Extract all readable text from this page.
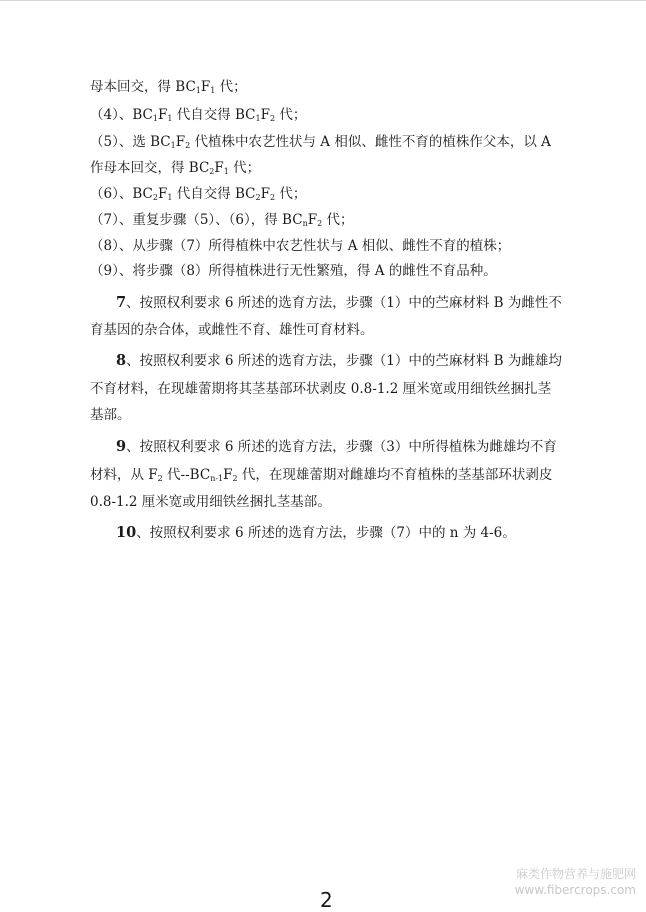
母本回交，得 $BC_1F_1$ 代；
（4）、$BC_1F_1$ 代自交得 $BC_1F_2$ 代；
（5）、选 $BC_1F_2$ 代植株中农艺性状与 A 相似、雌性不育的植株作父本，以 A
作母本回交，得 $BC_2F_1$ 代；
（6）、$BC_2F_1$ 代自交得 $BC_2F_2$ 代；
（7）、重复步骤（5）、（6），得 $BC_nF_2$ 代；
（8）、从步骤（7）所得植株中农艺性状与 A 相似、雌性不育的植株；
（9）、将步骤（8）所得植株进行无性繁殖，得 A 的雌性不育品种。
7、按照权利要求 6 所述的选育方法，步骤（1）中的苎麻材料 B 为雌性不
育基因的杂合体，或雌性不育、雄性可育材料。
8、按照权利要求 6 所述的选育方法，步骤（1）中的苎麻材料 B 为雌雄均
不育材料，在现雄蕾期将其茎基部环状剥皮 0.8-1.2 厘米宽或用细铁丝捆扎茎
基部。
9、按照权利要求 6 所述的选育方法，步骤（3）中所得植株为雌雄均不育
材料，从 $F_2$ 代$--BC_{n-1}F_2$ 代，在现雄蕾期对雌雄均不育植株的茎基部环状剥皮
0.8-1.2 厘米宽或用细铁丝捆扎茎基部。
10、按照权利要求 6 所述的选育方法，步骤（7）中的 n 为 4-6。
2
麻类作物营养与施肥网
www.fibercrops.com
